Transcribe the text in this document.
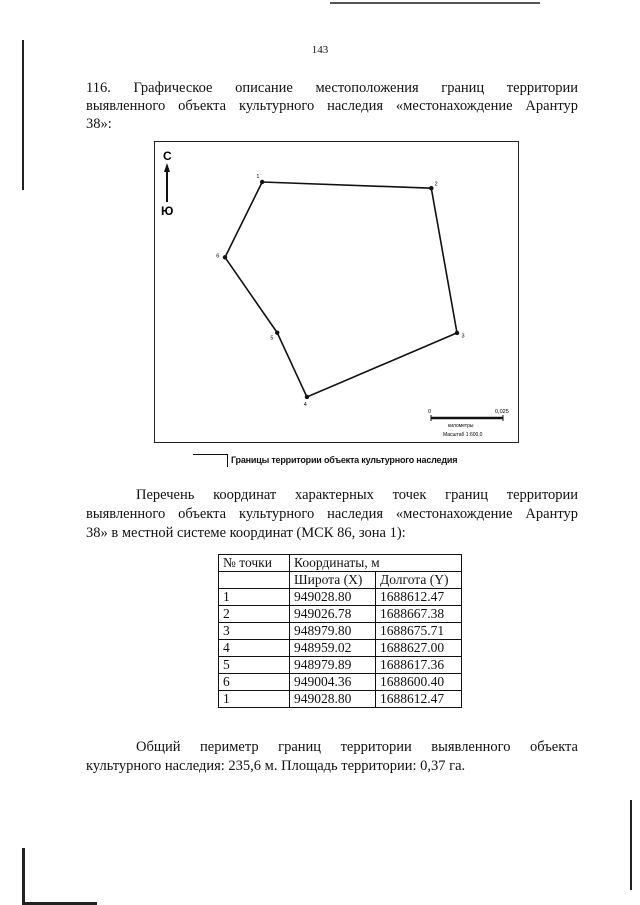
143
116. Графическое описание местоположения границ территории
выявленного объекта культурного наследия «местонахождение Арантур
38»:
С
Ю
1
2
3
4
5
6
0	0,025
километры
Масштаб 1:600,0
Границы территории объекта культурного наследия
Перечень координат характерных точек границ территории
выявленного объекта культурного наследия «местонахождение Арантур
38» в местной системе координат (МСК 86, зона 1):
№ точки	Координаты, м	
	Широта (X)	Долгота (Y)
1	949028.80	1688612.47
2	949026.78	1688667.38
3	948979.80	1688675.71
4	948959.02	1688627.00
5	948979.89	1688617.36
6	949004.36	1688600.40
1	949028.80	1688612.47
Общий периметр границ территории выявленного объекта
культурного наследия: 235,6 м. Площадь территории: 0,37 га.
